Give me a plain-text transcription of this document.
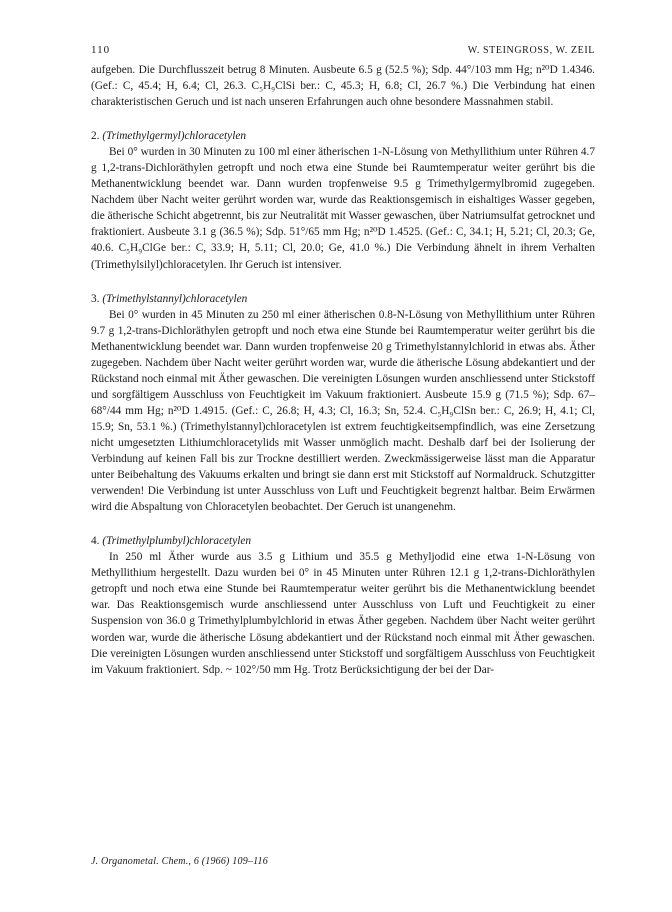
110	W. STEINGROSS, W. ZEIL

aufgeben. Die Durchflusszeit betrug 8 Minuten. Ausbeute 6.5 g (52.5 %); Sdp. 44°/103 mm Hg; n²⁰D 1.4346. (Gef.: C, 45.4; H, 6.4; Cl, 26.3. C₅H₉ClSi ber.: C, 45.3; H, 6.8; Cl, 26.7 %.) Die Verbindung hat einen charakteristischen Geruch und ist nach unseren Erfahrungen auch ohne besondere Massnahmen stabil.

2. (Trimethylgermyl)chloracetylen

Bei 0° wurden in 30 Minuten zu 100 ml einer ätherischen 1-N-Lösung von Methyllithium unter Rühren 4.7 g 1,2-trans-Dichloräthylen getropft und noch etwa eine Stunde bei Raumtemperatur weiter gerührt bis die Methanentwicklung beendet war. Dann wurden tropfenweise 9.5 g Trimethylgermylbromid zugegeben. Nachdem über Nacht weiter gerührt worden war, wurde das Reaktionsgemisch in eishaltiges Wasser gegeben, die ätherische Schicht abgetrennt, bis zur Neutralität mit Wasser gewaschen, über Natriumsulfat getrocknet und fraktioniert. Ausbeute 3.1 g (36.5 %); Sdp. 51°/65 mm Hg; n²⁰D 1.4525. (Gef.: C, 34.1; H, 5.21; Cl, 20.3; Ge, 40.6. C₅H₉ClGe ber.: C, 33.9; H, 5.11; Cl, 20.0; Ge, 41.0 %.) Die Verbindung ähnelt in ihrem Verhalten (Trimethylsilyl)chloracetylen. Ihr Geruch ist intensiver.

3. (Trimethylstannyl)chloracetylen

Bei 0° wurden in 45 Minuten zu 250 ml einer ätherischen 0.8-N-Lösung von Methyllithium unter Rühren 9.7 g 1,2-trans-Dichloräthylen getropft und noch etwa eine Stunde bei Raumtemperatur weiter gerührt bis die Methanentwicklung beendet war. Dann wurden tropfenweise 20 g Trimethylstannylchlorid in etwas abs. Äther zugegeben. Nachdem über Nacht weiter gerührt worden war, wurde die ätherische Lösung abdekantiert und der Rückstand noch einmal mit Äther gewaschen. Die vereinigten Lösungen wurden anschliessend unter Stickstoff und sorgfältigem Ausschluss von Feuchtigkeit im Vakuum fraktioniert. Ausbeute 15.9 g (71.5 %); Sdp. 67–68°/44 mm Hg; n²⁰D 1.4915. (Gef.: C, 26.8; H, 4.3; Cl, 16.3; Sn, 52.4. C₅H₉ClSn ber.: C, 26.9; H, 4.1; Cl, 15.9; Sn, 53.1 %.) (Trimethylstannyl)chloracetylen ist extrem feuchtigkeitsempfindlich, was eine Zersetzung nicht umgesetzten Lithiumchloracetylids mit Wasser unmöglich macht. Deshalb darf bei der Isolierung der Verbindung auf keinen Fall bis zur Trockne destilliert werden. Zweckmässigerweise lässt man die Apparatur unter Beibehaltung des Vakuums erkalten und bringt sie dann erst mit Stickstoff auf Normaldruck. Schutzgitter verwenden! Die Verbindung ist unter Ausschluss von Luft und Feuchtigkeit begrenzt haltbar. Beim Erwärmen wird die Abspaltung von Chloracetylen beobachtet. Der Geruch ist unangenehm.

4. (Trimethylplumbyl)chloracetylen

In 250 ml Äther wurde aus 3.5 g Lithium und 35.5 g Methyljodid eine etwa 1-N-Lösung von Methyllithium hergestellt. Dazu wurden bei 0° in 45 Minuten unter Rühren 12.1 g 1,2-trans-Dichloräthylen getropft und noch etwa eine Stunde bei Raumtemperatur weiter gerührt bis die Methanentwicklung beendet war. Das Reaktionsgemisch wurde anschliessend unter Ausschluss von Luft und Feuchtigkeit zu einer Suspension von 36.0 g Trimethylplumbylchlorid in etwas Äther gegeben. Nachdem über Nacht weiter gerührt worden war, wurde die ätherische Lösung abdekantiert und der Rückstand noch einmal mit Äther gewaschen. Die vereinigten Lösungen wurden anschliessend unter Stickstoff und sorgfältigem Ausschluss von Feuchtigkeit im Vakuum fraktioniert. Sdp. ~ 102°/50 mm Hg. Trotz Berücksichtigung der bei der Dar-

J. Organometal. Chem., 6 (1966) 109–116
